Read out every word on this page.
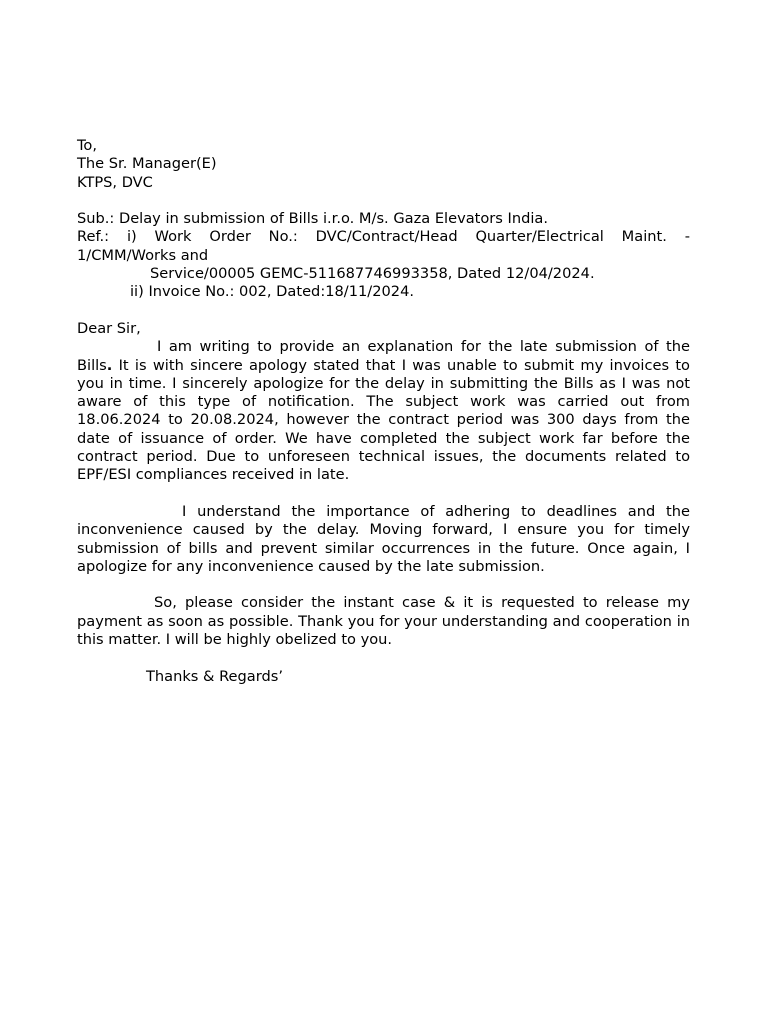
To,
The Sr. Manager(E)
KTPS, DVC
Sub.: Delay in submission of Bills i.r.o. M/s. Gaza Elevators India.
Ref.: i) Work Order No.: DVC/Contract/Head Quarter/Electrical Maint. -
1/CMM/Works and
Service/00005 GEMC-511687746993358, Dated 12/04/2024.
ii) Invoice No.: 002, Dated:18/11/2024.
Dear Sir,

I am writing to provide an explanation for the late submission of the Bills. It is with sincere apology stated that I was unable to submit my invoices to you in time. I sincerely apologize for the delay in submitting the Bills as I was not aware of this type of notification. The subject work was carried out from 18.06.2024 to 20.08.2024, however the contract period was 300 days from the date of issuance of order. We have completed the subject work far before the contract period. Due to unforeseen technical issues, the documents related to EPF/ESI compliances received in late.

I understand the importance of adhering to deadlines and the inconvenience caused by the delay. Moving forward, I ensure you for timely submission of bills and prevent similar occurrences in the future. Once again, I apologize for any inconvenience caused by the late submission.

So, please consider the instant case & it is requested to release my payment as soon as possible. Thank you for your understanding and cooperation in this matter. I will be highly obelized to you.

Thanks & Regards’
